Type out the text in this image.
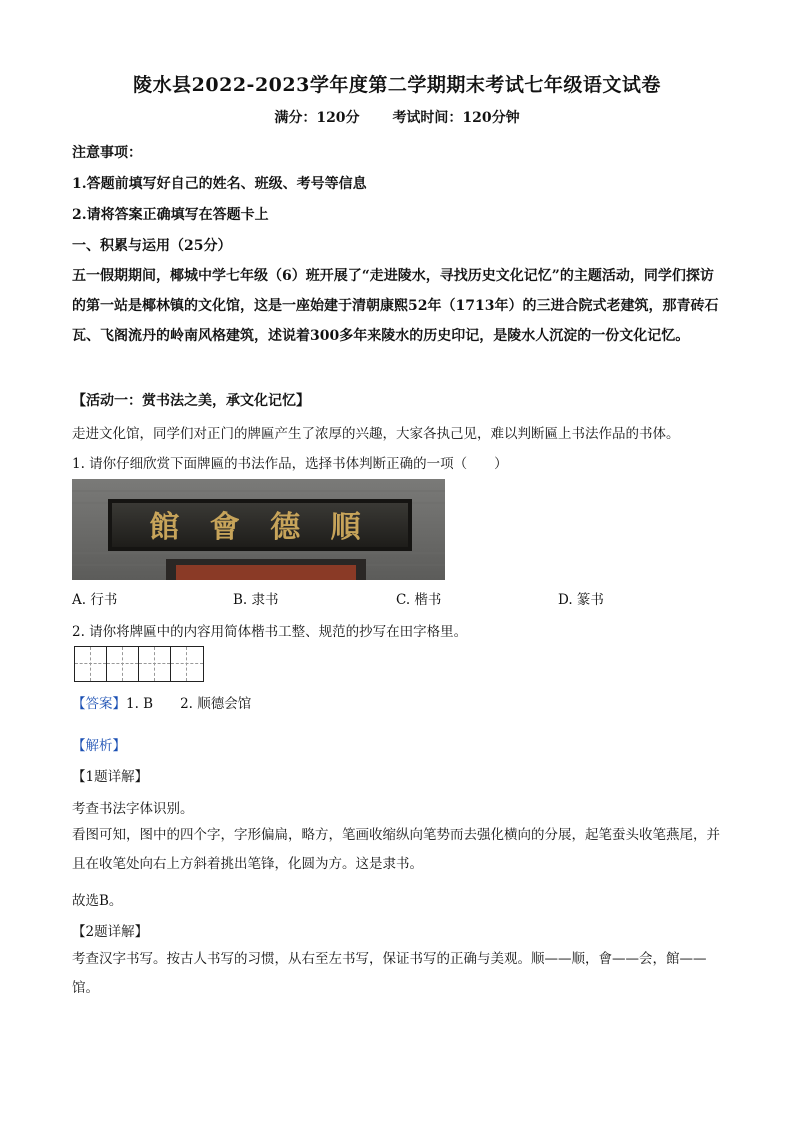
陵水县2022-2023学年度第二学期期末考试七年级语文试卷
满分：120分 考试时间：120分钟
注意事项：
1.答题前填写好自己的姓名、班级、考号等信息
2.请将答案正确填写在答题卡上
一、积累与运用（25分）
五一假期期间，椰城中学七年级（6）班开展了“走进陵水，寻找历史文化记忆”的主题活动，同学们探访的第一站是椰林镇的文化馆，这是一座始建于清朝康熙52年（1713年）的三进合院式老建筑，那青砖石瓦、飞阁流丹的岭南风格建筑，述说着300多年来陵水的历史印记，是陵水人沉淀的一份文化记忆。
【活动一：赏书法之美，承文化记忆】
走进文化馆，同学们对正门的牌匾产生了浓厚的兴趣，大家各执己见，难以判断匾上书法作品的书体。
1. 请你仔细欣赏下面牌匾的书法作品，选择书体判断正确的一项（　　）
館 會 德 順
A. 行书	B. 隶书	C. 楷书	D. 篆书
2. 请你将牌匾中的内容用简体楷书工整、规范的抄写在田字格里。
【答案】1. B　　2. 顺德会馆
【解析】
【1题详解】
考查书法字体识别。
看图可知，图中的四个字，字形偏扁，略方，笔画收缩纵向笔势而去强化横向的分展，起笔蚕头收笔燕尾，并且在收笔处向右上方斜着挑出笔锋，化圆为方。这是隶书。
故选B。
【2题详解】
考查汉字书写。按古人书写的习惯，从右至左书写，保证书写的正确与美观。顺——顺，會——会，館——馆。
